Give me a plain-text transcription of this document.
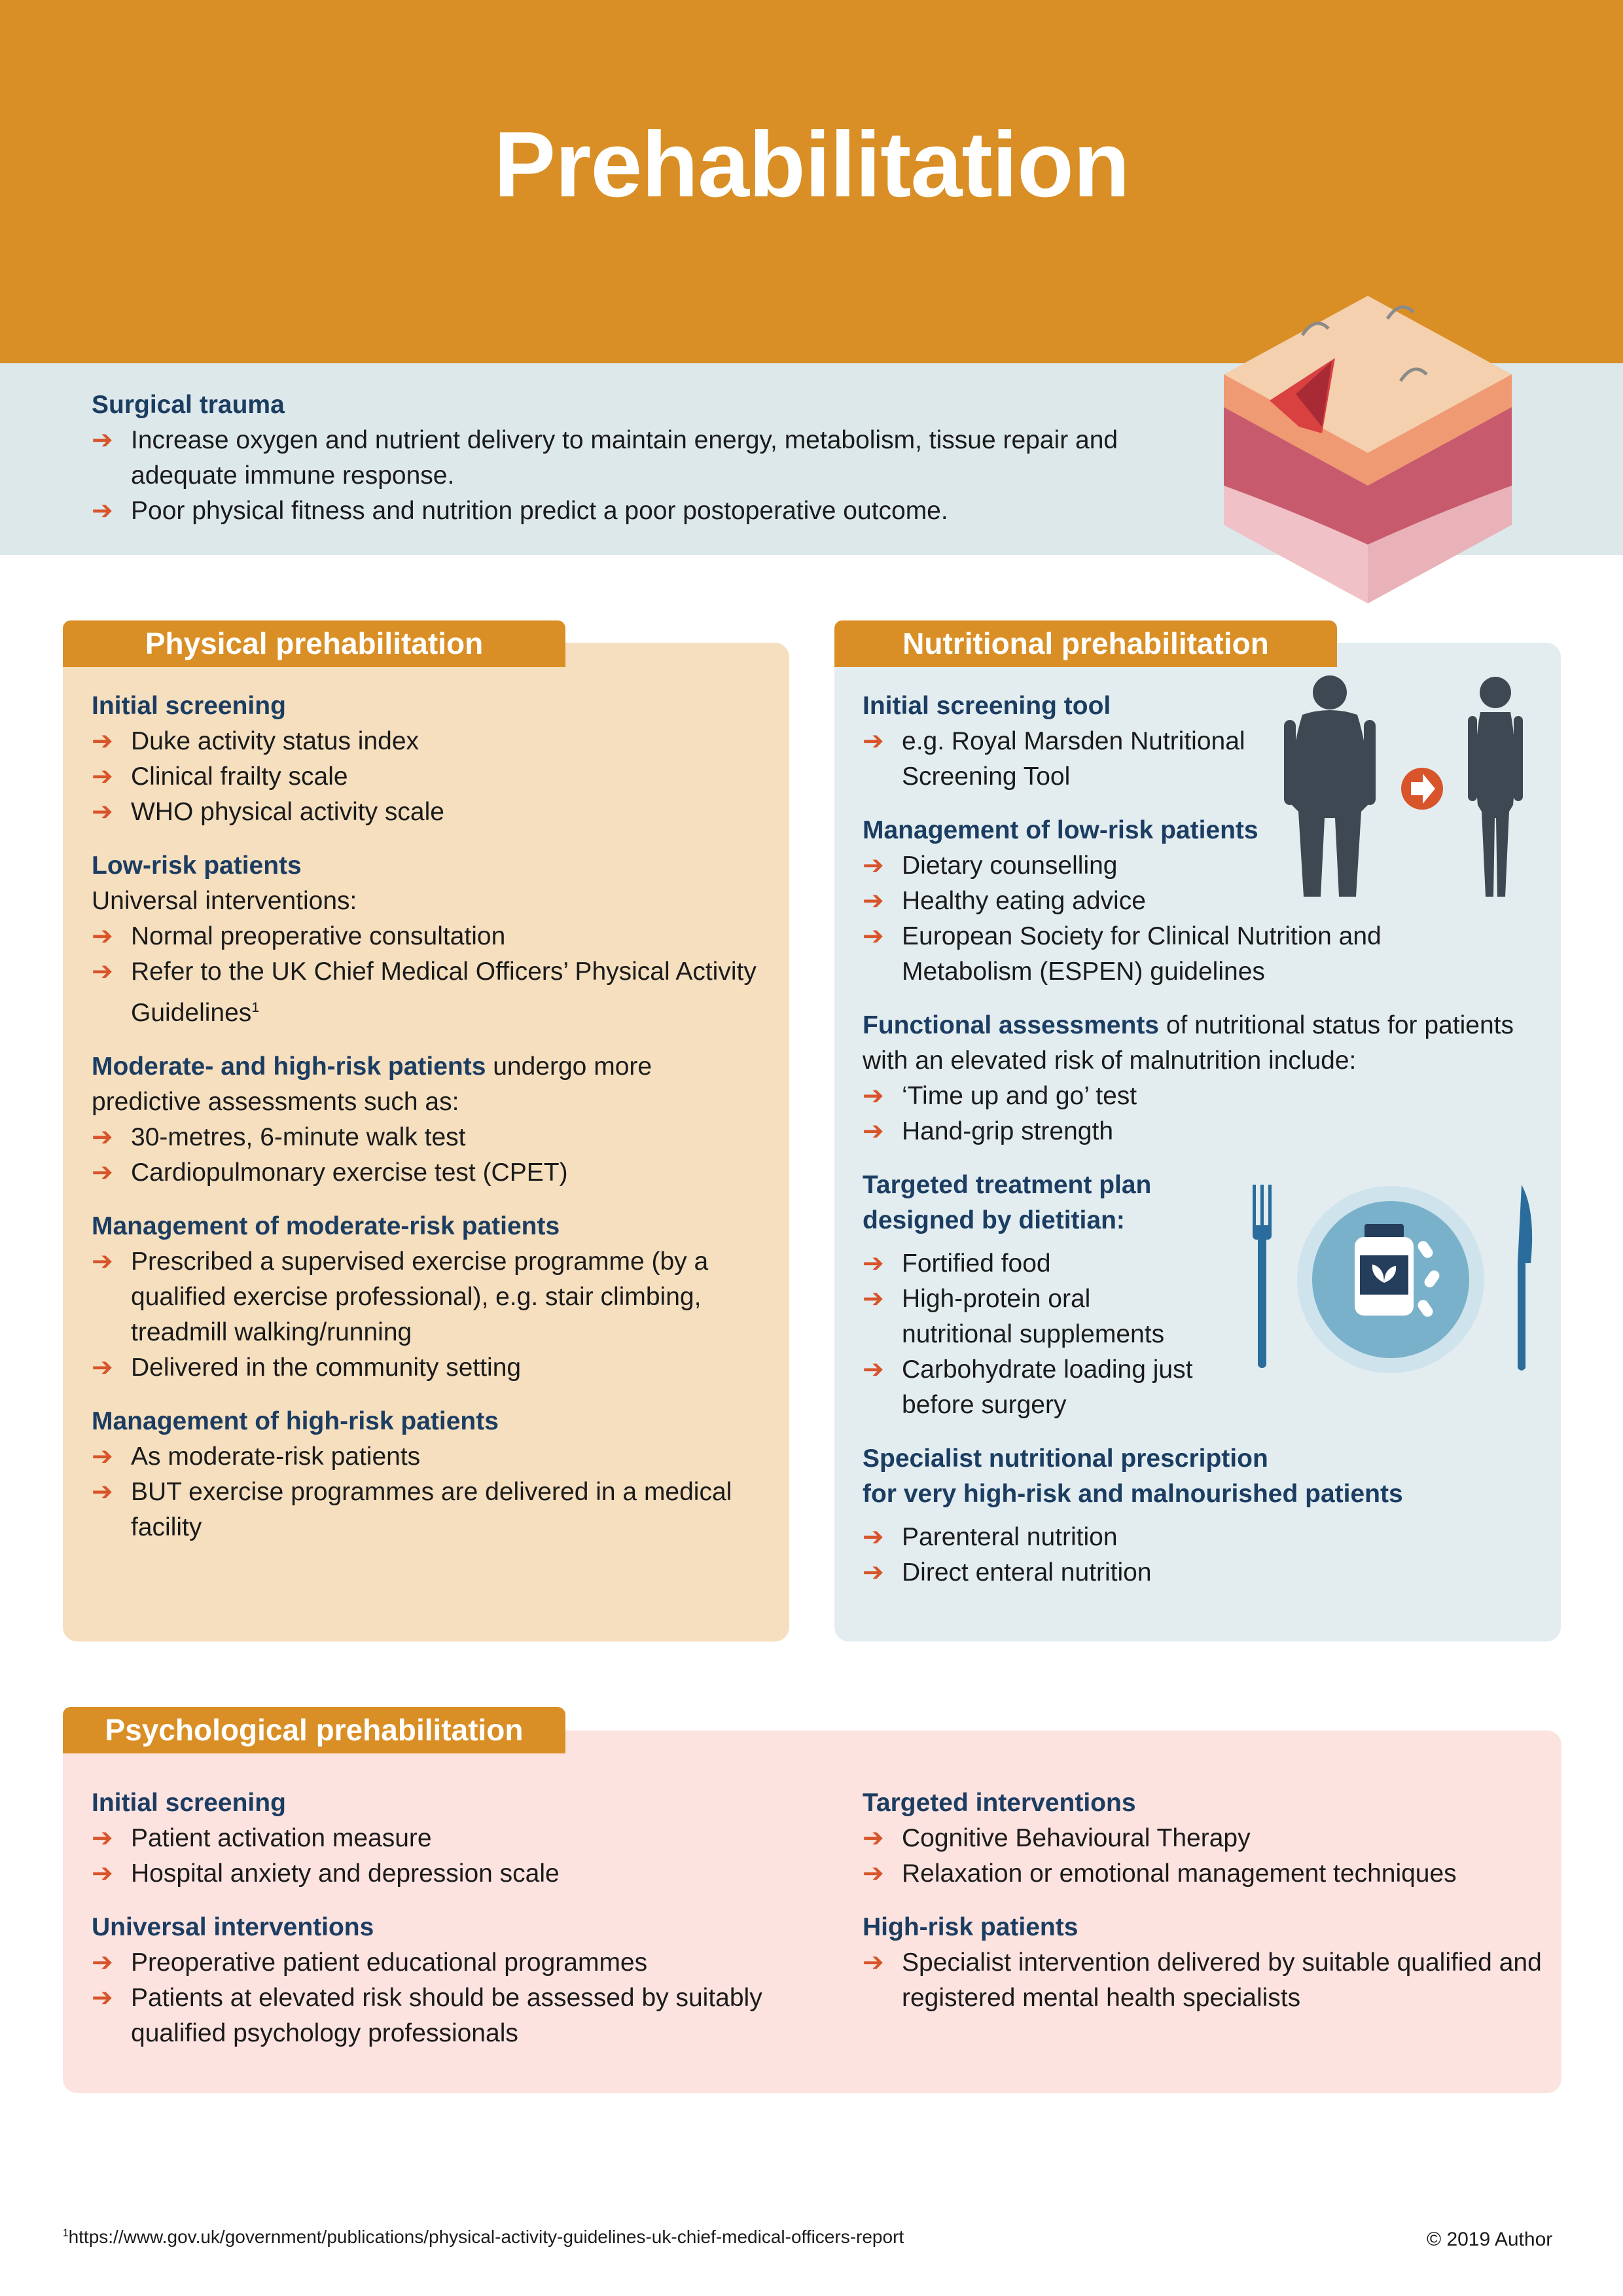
Prehabilitation
Surgical trauma
➔ Increase oxygen and nutrient delivery to maintain energy, metabolism, tissue repair and adequate immune response.
➔ Poor physical fitness and nutrition predict a poor postoperative outcome.
Physical prehabilitation
Initial screening
➔ Duke activity status index
➔ Clinical frailty scale
➔ WHO physical activity scale
Low-risk patients
Universal interventions:
➔ Normal preoperative consultation
➔ Refer to the UK Chief Medical Officers’ Physical Activity Guidelines$^1$
Moderate- and high-risk patients undergo more predictive assessments such as:
➔ 30-metres, 6-minute walk test
➔ Cardiopulmonary exercise test (CPET)
Management of moderate-risk patients
➔ Prescribed a supervised exercise programme (by a qualified exercise professional), e.g. stair climbing, treadmill walking/running
➔ Delivered in the community setting
Management of high-risk patients
➔ As moderate-risk patients
➔ BUT exercise programmes are delivered in a medical facility
Nutritional prehabilitation
Initial screening tool
➔ e.g. Royal Marsden Nutritional Screening Tool
Management of low-risk patients
➔ Dietary counselling
➔ Healthy eating advice
➔ European Society for Clinical Nutrition and Metabolism (ESPEN) guidelines
Functional assessments of nutritional status for patients with an elevated risk of malnutrition include:
➔ ‘Time up and go’ test
➔ Hand-grip strength
Targeted treatment plan
designed by dietitian:
➔ Fortified food
➔ High-protein oral nutritional supplements
➔ Carbohydrate loading just before surgery
Specialist nutritional prescription
for very high-risk and malnourished patients
➔ Parenteral nutrition
➔ Direct enteral nutrition
Psychological prehabilitation
Initial screening
➔ Patient activation measure
➔ Hospital anxiety and depression scale
Universal interventions
➔ Preoperative patient educational programmes
➔ Patients at elevated risk should be assessed by suitably qualified psychology professionals
Targeted interventions
➔ Cognitive Behavioural Therapy
➔ Relaxation or emotional management techniques
High-risk patients
➔ Specialist intervention delivered by suitable qualified and registered mental health specialists
$^1$https://www.gov.uk/government/publications/physical-activity-guidelines-uk-chief-medical-officers-report	© 2019 Author
